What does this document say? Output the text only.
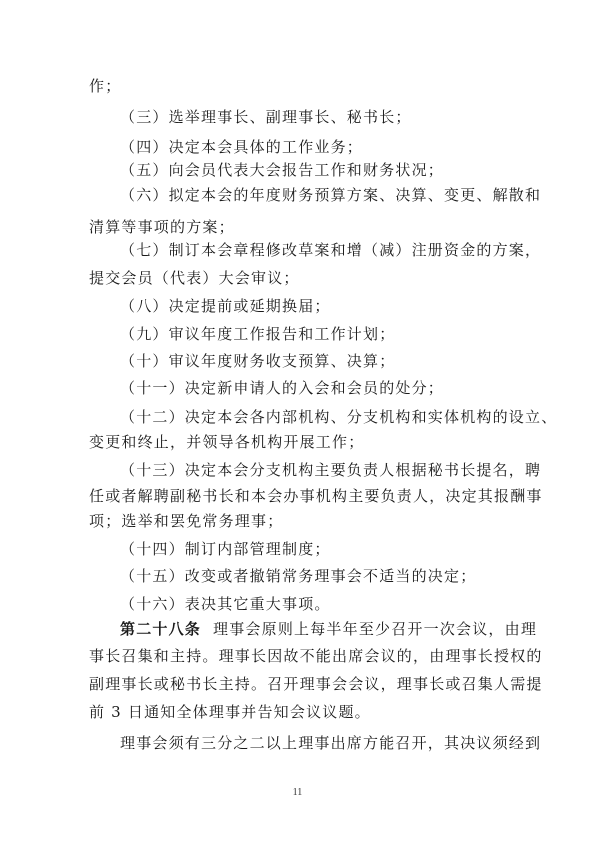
作；
（三）选举理事长、副理事长、秘书长；
（四）决定本会具体的工作业务；
（五）向会员代表大会报告工作和财务状况；
（六）拟定本会的年度财务预算方案、决算、变更、解散和
清算等事项的方案；
（七）制订本会章程修改草案和增（减）注册资金的方案，
提交会员（代表）大会审议；
（八）决定提前或延期换届；
（九）审议年度工作报告和工作计划；
（十）审议年度财务收支预算、决算；
（十一）决定新申请人的入会和会员的处分；
（十二）决定本会各内部机构、分支机构和实体机构的设立、
变更和终止，并领导各机构开展工作；
（十三）决定本会分支机构主要负责人根据秘书长提名，聘
任或者解聘副秘书长和本会办事机构主要负责人，决定其报酬事
项；选举和罢免常务理事；
（十四）制订内部管理制度；
（十五）改变或者撤销常务理事会不适当的决定；
（十六）表决其它重大事项。
第二十八条 理事会原则上每半年至少召开一次会议，由理
事长召集和主持。理事长因故不能出席会议的，由理事长授权的
副理事长或秘书长主持。召开理事会会议，理事长或召集人需提
前 3 日通知全体理事并告知会议议题。
理事会须有三分之二以上理事出席方能召开，其决议须经到
11
